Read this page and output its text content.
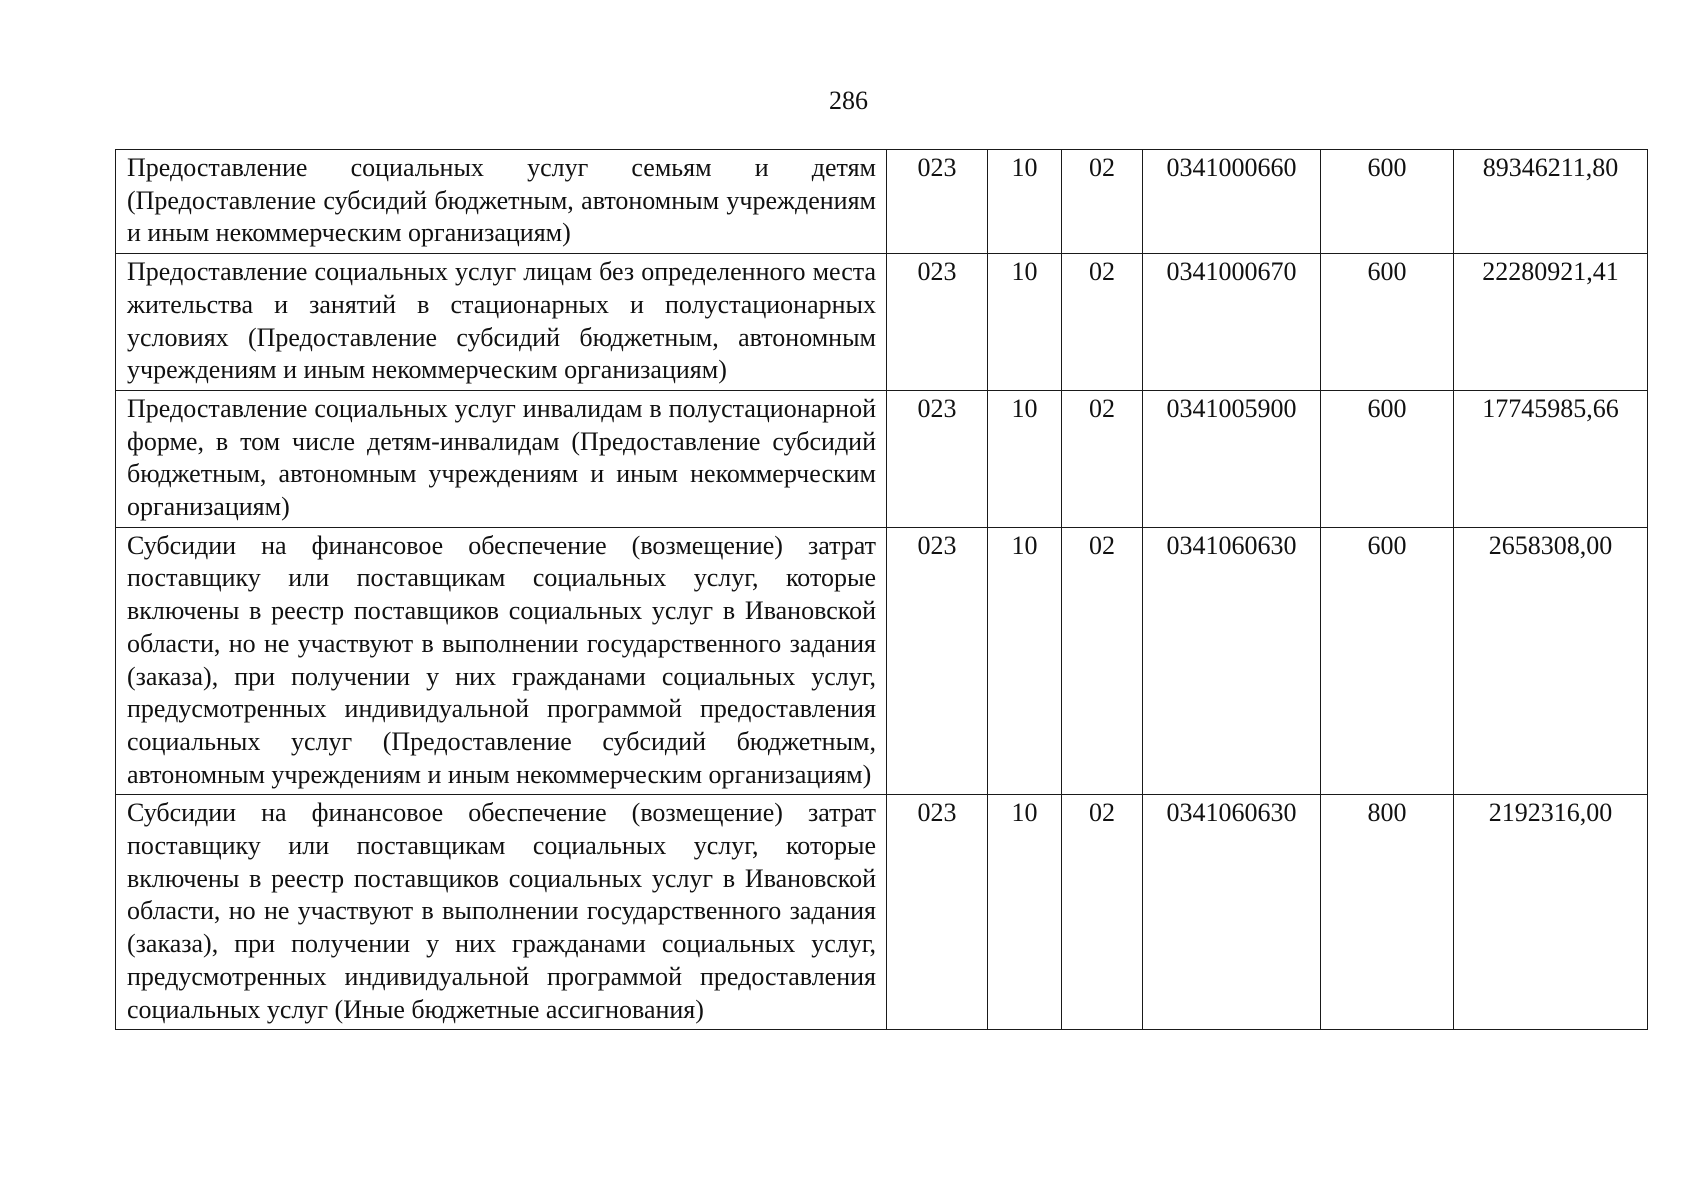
286
Предоставление социальных услуг семьям и детям (Предоставление субсидий бюджетным, автономным учреждениям и иным некоммерческим организациям)	023	10	02	0341000660	600	89346211,80
Предоставление социальных услуг лицам без определенного места жительства и занятий в стационарных и полустационарных условиях (Предоставление субсидий бюджетным, автономным учреждениям и иным некоммерческим организациям)	023	10	02	0341000670	600	22280921,41
Предоставление социальных услуг инвалидам в полустационарной форме, в том числе детям-инвалидам (Предоставление субсидий бюджетным, автономным учреждениям и иным некоммерческим организациям)	023	10	02	0341005900	600	17745985,66
Субсидии на финансовое обеспечение (возмещение) затрат поставщику или поставщикам социальных услуг, которые включены в реестр поставщиков социальных услуг в Ивановской области, но не участвуют в выполнении государственного задания (заказа), при получении у них гражданами социальных услуг, предусмотренных индивидуальной программой предоставления социальных услуг (Предоставление субсидий бюджетным, автономным учреждениям и иным некоммерческим организациям)	023	10	02	0341060630	600	2658308,00
Субсидии на финансовое обеспечение (возмещение) затрат поставщику или поставщикам социальных услуг, которые включены в реестр поставщиков социальных услуг в Ивановской области, но не участвуют в выполнении государственного задания (заказа), при получении у них гражданами социальных услуг, предусмотренных индивидуальной программой предоставления социальных услуг (Иные бюджетные ассигнования)	023	10	02	0341060630	800	2192316,00
